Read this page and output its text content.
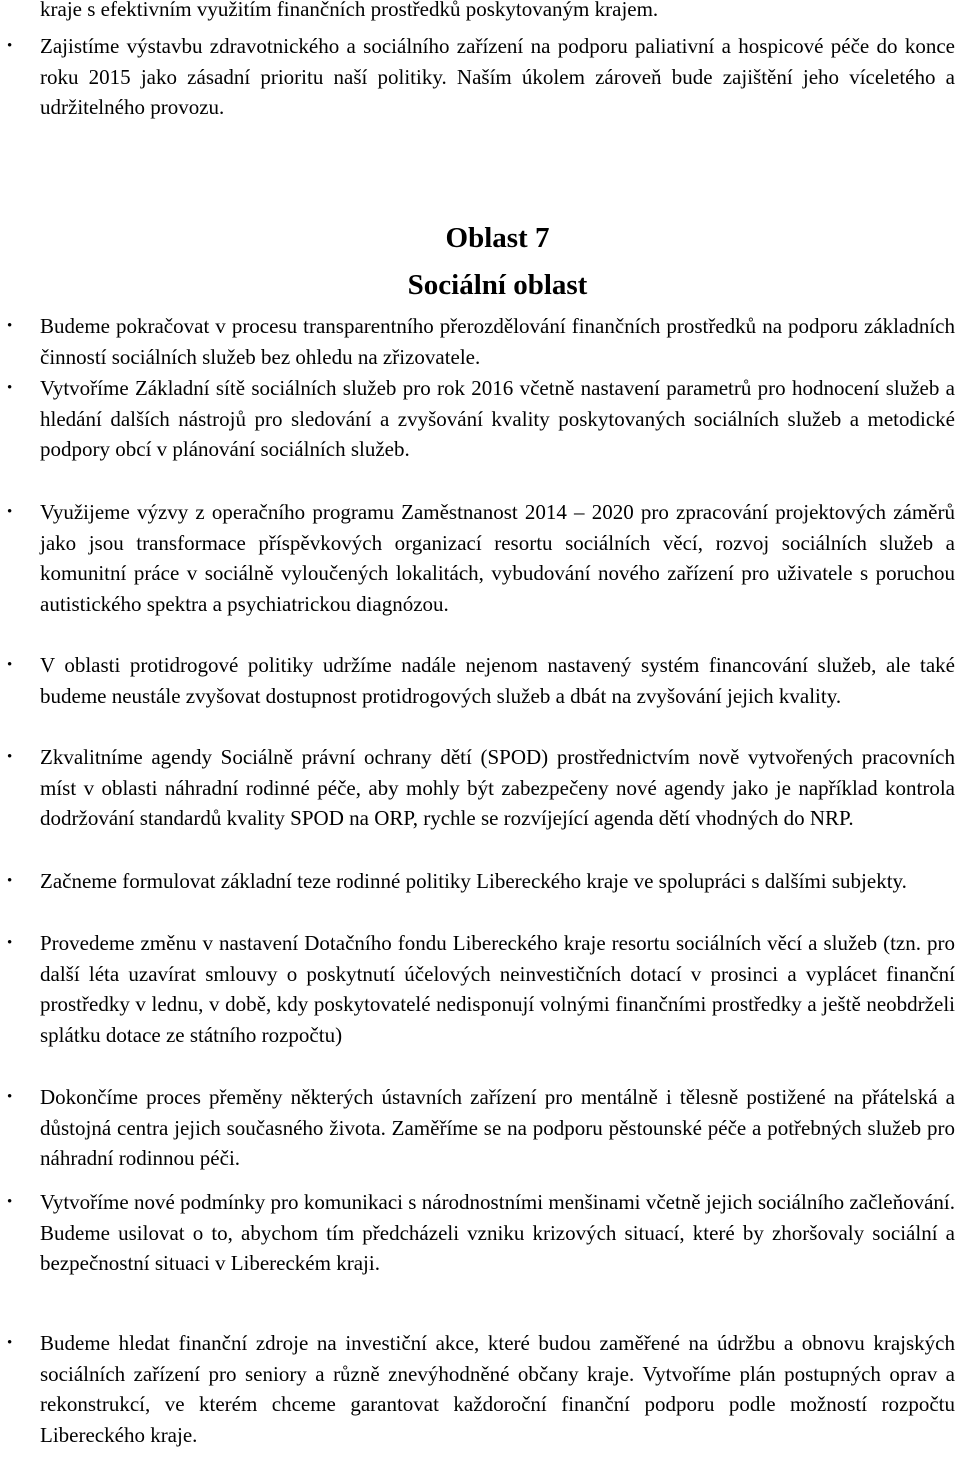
kraje s efektivním využitím finančních prostředků poskytovaným krajem.
• Zajistíme výstavbu zdravotnického a sociálního zařízení na podporu paliativní a hospicové péče do konce roku 2015 jako zásadní prioritu naší politiky. Naším úkolem zároveň bude zajištění jeho víceletého a udržitelného provozu.
Oblast 7
Sociální oblast
• Budeme pokračovat v procesu transparentního přerozdělování finančních prostředků na podporu základních činností sociálních služeb bez ohledu na zřizovatele.
• Vytvoříme Základní sítě sociálních služeb pro rok 2016 včetně nastavení parametrů pro hodnocení služeb a hledání dalších nástrojů pro sledování a zvyšování kvality poskytovaných sociálních služeb a metodické podpory obcí v plánování sociálních služeb.
• Využijeme výzvy z operačního programu Zaměstnanost 2014 – 2020 pro zpracování projektových záměrů jako jsou transformace příspěvkových organizací resortu sociálních věcí, rozvoj sociálních služeb a komunitní práce v sociálně vyloučených lokalitách, vybudování nového zařízení pro uživatele s poruchou autistického spektra a psychiatrickou diagnózou.
• V oblasti protidrogové politiky udržíme nadále nejenom nastavený systém financování služeb, ale také budeme neustále zvyšovat dostupnost protidrogových služeb a dbát na zvyšování jejich kvality.
• Zkvalitníme agendy Sociálně právní ochrany dětí (SPOD) prostřednictvím nově vytvořených pracovních míst v oblasti náhradní rodinné péče, aby mohly být zabezpečeny nové agendy jako je například kontrola dodržování standardů kvality SPOD na ORP, rychle se rozvíjející agenda dětí vhodných do NRP.
• Začneme formulovat základní teze rodinné politiky Libereckého kraje ve spolupráci s dalšími subjekty.
• Provedeme změnu v nastavení Dotačního fondu Libereckého kraje resortu sociálních věcí a služeb (tzn. pro další léta uzavírat smlouvy o poskytnutí účelových neinvestičních dotací v prosinci a vyplácet finanční prostředky v lednu, v době, kdy poskytovatelé nedisponují volnými finančními prostředky a ještě neobdrželi splátku dotace ze státního rozpočtu)
• Dokončíme proces přeměny některých ústavních zařízení pro mentálně i tělesně postižené na přátelská a důstojná centra jejich současného života. Zaměříme se na podporu pěstounské péče a potřebných služeb pro náhradní rodinnou péči.
• Vytvoříme nové podmínky pro komunikaci s národnostními menšinami včetně jejich sociálního začleňování. Budeme usilovat o to, abychom tím předcházeli vzniku krizových situací, které by zhoršovaly sociální a bezpečnostní situaci v Libereckém kraji.
• Budeme hledat finanční zdroje na investiční akce, které budou zaměřené na údržbu a obnovu krajských sociálních zařízení pro seniory a různě znevýhodněné občany kraje. Vytvoříme plán postupných oprav a rekonstrukcí, ve kterém chceme garantovat každoroční finanční podporu podle možností rozpočtu Libereckého kraje.
